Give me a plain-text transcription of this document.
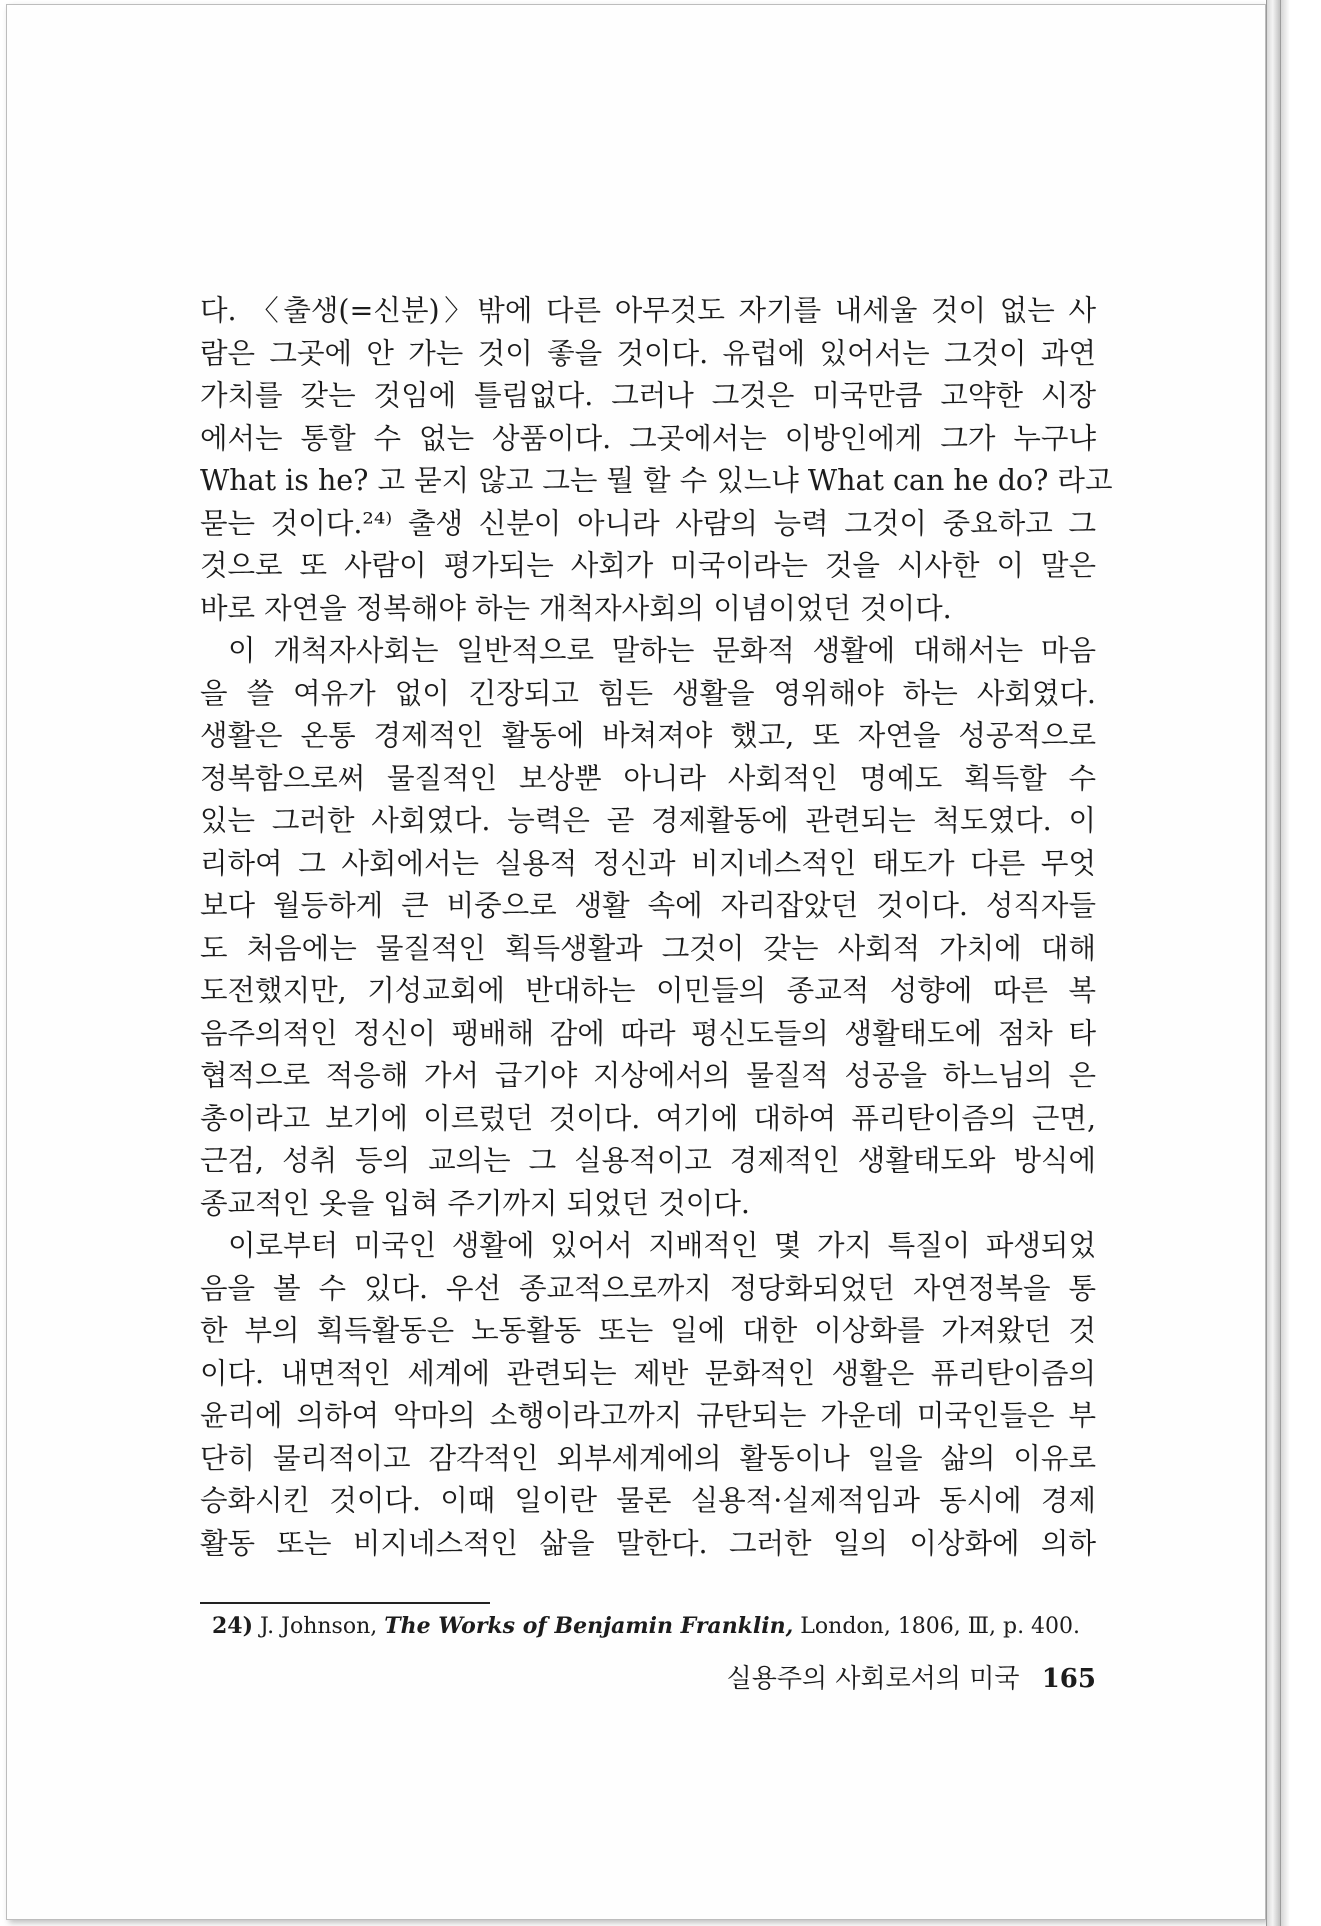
다. 〈출생(=신분)〉밖에 다른 아무것도 자기를 내세울 것이 없는 사
람은 그곳에 안 가는 것이 좋을 것이다. 유럽에 있어서는 그것이 과연
가치를 갖는 것임에 틀림없다. 그러나 그것은 미국만큼 고약한 시장
에서는 통할 수 없는 상품이다. 그곳에서는 이방인에게 그가 누구냐
What is he? 고 묻지 않고 그는 뭘 할 수 있느냐 What can he do? 라고
묻는 것이다.²⁴⁾ 출생 신분이 아니라 사람의 능력 그것이 중요하고 그
것으로 또 사람이 평가되는 사회가 미국이라는 것을 시사한 이 말은
바로 자연을 정복해야 하는 개척자사회의 이념이었던 것이다.
이 개척자사회는 일반적으로 말하는 문화적 생활에 대해서는 마음
을 쓸 여유가 없이 긴장되고 힘든 생활을 영위해야 하는 사회였다.
생활은 온통 경제적인 활동에 바쳐져야 했고, 또 자연을 성공적으로
정복함으로써 물질적인 보상뿐 아니라 사회적인 명예도 획득할 수
있는 그러한 사회였다. 능력은 곧 경제활동에 관련되는 척도였다. 이
리하여 그 사회에서는 실용적 정신과 비지네스적인 태도가 다른 무엇
보다 월등하게 큰 비중으로 생활 속에 자리잡았던 것이다. 성직자들
도 처음에는 물질적인 획득생활과 그것이 갖는 사회적 가치에 대해
도전했지만, 기성교회에 반대하는 이민들의 종교적 성향에 따른 복
음주의적인 정신이 팽배해 감에 따라 평신도들의 생활태도에 점차 타
협적으로 적응해 가서 급기야 지상에서의 물질적 성공을 하느님의 은
총이라고 보기에 이르렀던 것이다. 여기에 대하여 퓨리탄이즘의 근면,
근검, 성취 등의 교의는 그 실용적이고 경제적인 생활태도와 방식에
종교적인 옷을 입혀 주기까지 되었던 것이다.
이로부터 미국인 생활에 있어서 지배적인 몇 가지 특질이 파생되었
음을 볼 수 있다. 우선 종교적으로까지 정당화되었던 자연정복을 통
한 부의 획득활동은 노동활동 또는 일에 대한 이상화를 가져왔던 것
이다. 내면적인 세계에 관련되는 제반 문화적인 생활은 퓨리탄이즘의
윤리에 의하여 악마의 소행이라고까지 규탄되는 가운데 미국인들은 부
단히 물리적이고 감각적인 외부세계에의 활동이나 일을 삶의 이유로
승화시킨 것이다. 이때 일이란 물론 실용적·실제적임과 동시에 경제
활동 또는 비지네스적인 삶을 말한다. 그러한 일의 이상화에 의하
24) J. Johnson, The Works of Benjamin Franklin, London, 1806, Ⅲ, p. 400.
실용주의 사회로서의 미국 165
